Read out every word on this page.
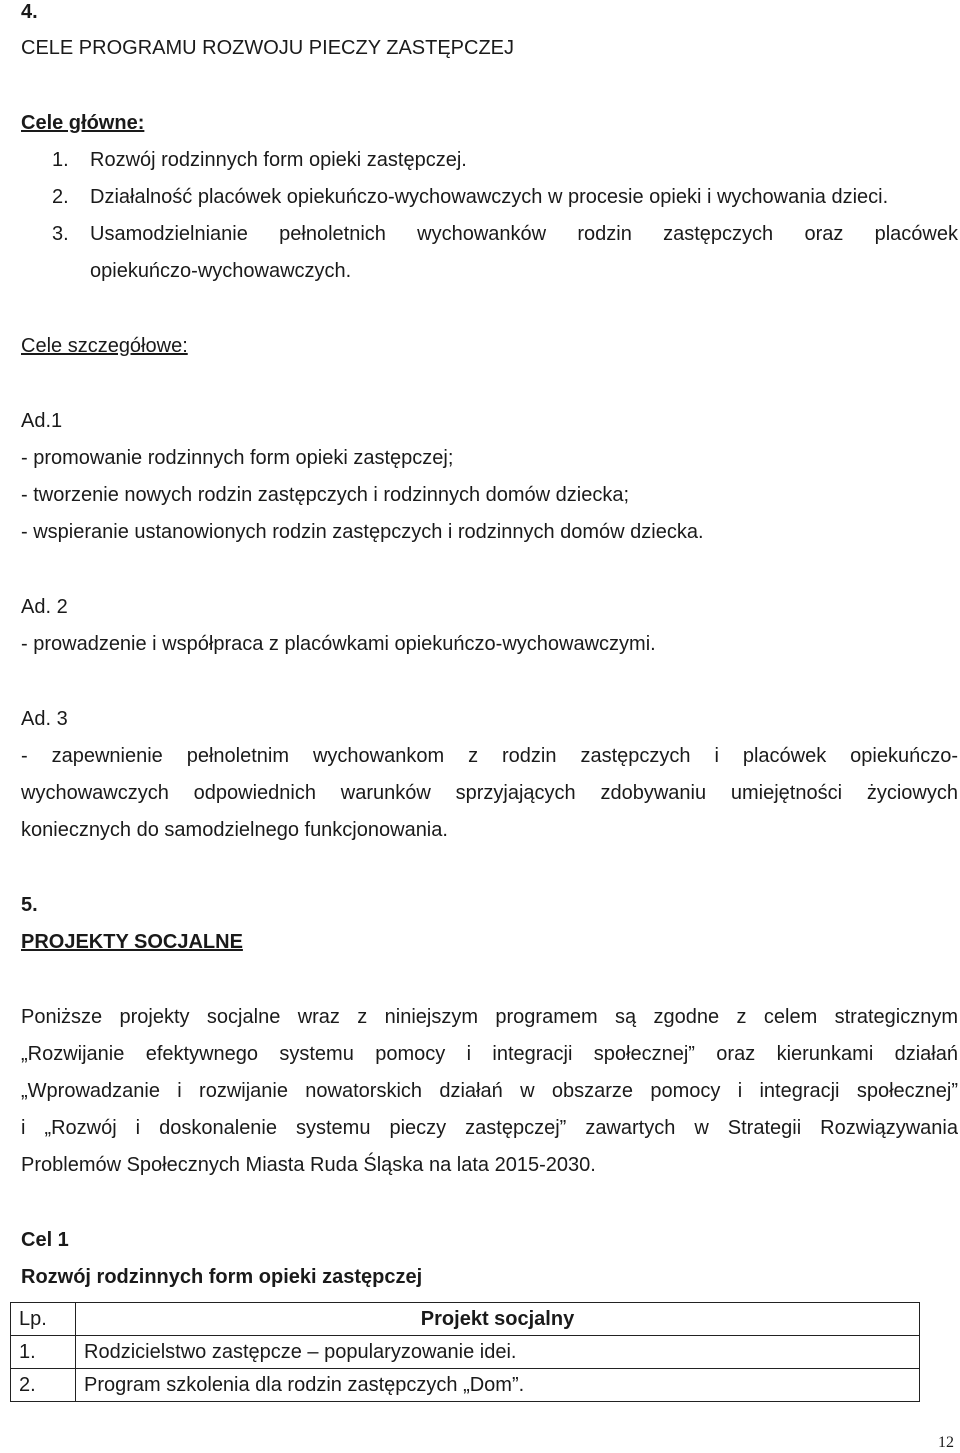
4.
CELE PROGRAMU ROZWOJU PIECZY ZASTĘPCZEJ
Cele główne:
1. Rozwój rodzinnych form opieki zastępczej.
2. Działalność placówek opiekuńczo-wychowawczych w procesie opieki i wychowania dzieci.
3. Usamodzielnianie pełnoletnich wychowanków rodzin zastępczych oraz placówek
opiekuńczo-wychowawczych.
Cele szczegółowe:
Ad.1
- promowanie rodzinnych form opieki zastępczej;
- tworzenie nowych rodzin zastępczych i rodzinnych domów dziecka;
- wspieranie ustanowionych rodzin zastępczych i rodzinnych domów dziecka.
Ad. 2
- prowadzenie i współpraca z placówkami opiekuńczo-wychowawczymi.
Ad. 3
- zapewnienie pełnoletnim wychowankom z rodzin zastępczych i placówek opiekuńczo-
wychowawczych odpowiednich warunków sprzyjających zdobywaniu umiejętności życiowych
koniecznych do samodzielnego funkcjonowania.
5.
PROJEKTY SOCJALNE
Poniższe projekty socjalne wraz z niniejszym programem są zgodne z celem strategicznym
„Rozwijanie efektywnego systemu pomocy i integracji społecznej” oraz kierunkami działań
„Wprowadzanie i rozwijanie nowatorskich działań w obszarze pomocy i integracji społecznej”
i „Rozwój i doskonalenie systemu pieczy zastępczej” zawartych w Strategii Rozwiązywania
Problemów Społecznych Miasta Ruda Śląska na lata 2015-2030.
Cel 1
Rozwój rodzinnych form opieki zastępczej
Lp.	Projekt socjalny
1.	Rodzicielstwo zastępcze – popularyzowanie idei.
2.	Program szkolenia dla rodzin zastępczych „Dom”.
12
